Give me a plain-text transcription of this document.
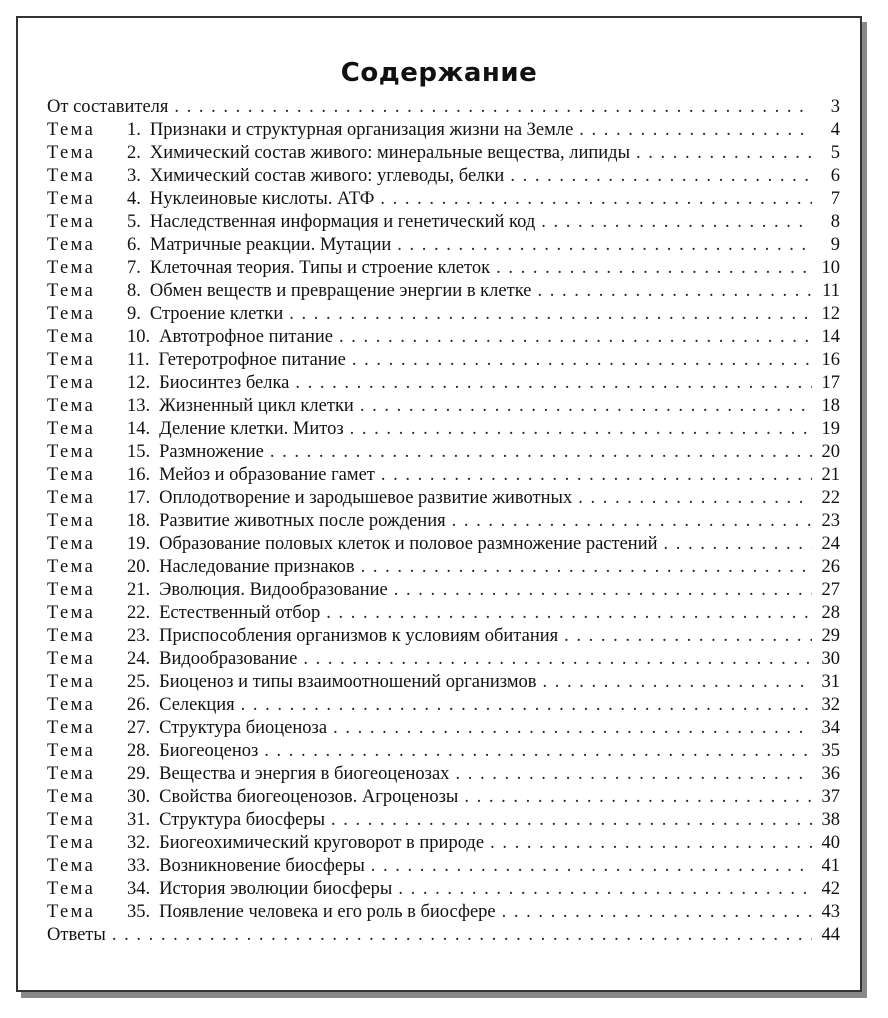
Содержание
От составителя . . .	3
Тема	1. Признаки и структурная организация жизни на Земле . . .	4
Тема	2. Химический состав живого: минеральные вещества, липиды . . .	5
Тема	3. Химический состав живого: углеводы, белки . . .	6
Тема	4. Нуклеиновые кислоты. АТФ . . .	7
Тема	5. Наследственная информация и генетический код . . .	8
Тема	6. Матричные реакции. Мутации . . .	9
Тема	7. Клеточная теория. Типы и строение клеток . . .	10
Тема	8. Обмен веществ и превращение энергии в клетке . . .	11
Тема	9. Строение клетки . . .	12
Тема	10. Автотрофное питание . . .	14
Тема	11. Гетеротрофное питание . . .	16
Тема	12. Биосинтез белка . . .	17
Тема	13. Жизненный цикл клетки . . .	18
Тема	14. Деление клетки. Митоз . . .	19
Тема	15. Размножение . . .	20
Тема	16. Мейоз и образование гамет . . .	21
Тема	17. Оплодотворение и зародышевое развитие животных . . .	22
Тема	18. Развитие животных после рождения . . .	23
Тема	19. Образование половых клеток и половое размножение растений . . .	24
Тема	20. Наследование признаков . . .	26
Тема	21. Эволюция. Видообразование . . .	27
Тема	22. Естественный отбор . . .	28
Тема	23. Приспособления организмов к условиям обитания . . .	29
Тема	24. Видообразование . . .	30
Тема	25. Биоценоз и типы взаимоотношений организмов . . .	31
Тема	26. Селекция . . .	32
Тема	27. Структура биоценоза . . .	34
Тема	28. Биогеоценоз . . .	35
Тема	29. Вещества и энергия в биогеоценозах . . .	36
Тема	30. Свойства биогеоценозов. Агроценозы . . .	37
Тема	31. Структура биосферы . . .	38
Тема	32. Биогеохимический круговорот в природе . . .	40
Тема	33. Возникновение биосферы . . .	41
Тема	34. История эволюции биосферы . . .	42
Тема	35. Появление человека и его роль в биосфере . . .	43
Ответы . . .	44
